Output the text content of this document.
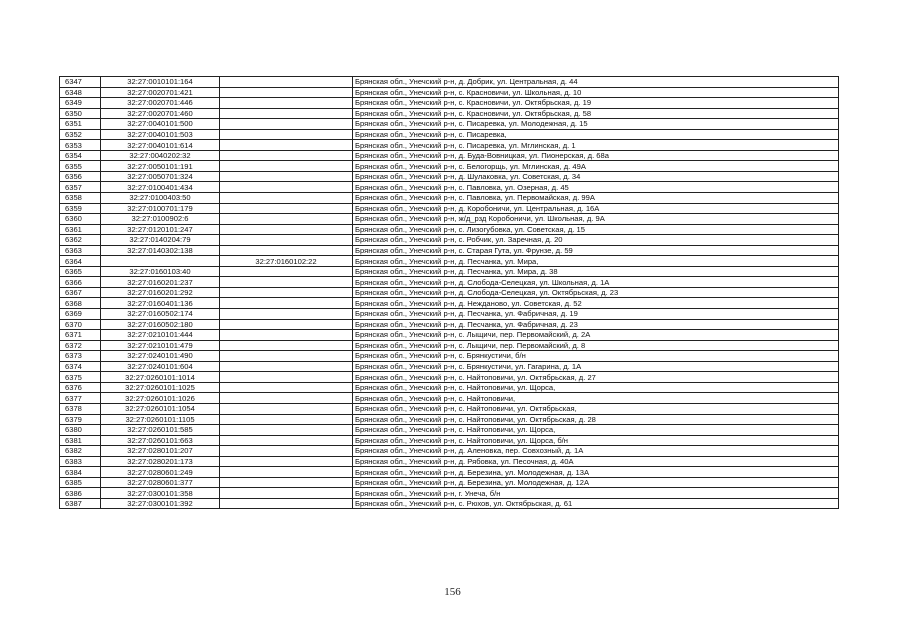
6347	32:27:0010101:164		Брянская обл., Унечский р-н, д. Добрик, ул. Центральная, д. 44
6348	32:27:0020701:421		Брянская обл., Унечский р-н, с. Красновичи, ул. Школьная, д. 10
6349	32:27:0020701:446		Брянская обл., Унечский р-н, с. Красновичи, ул. Октябрьская, д. 19
6350	32:27:0020701:460		Брянская обл., Унечский р-н, с. Красновичи, ул. Октябрьская, д. 58
6351	32:27:0040101:500		Брянская обл., Унечский р-н, с. Писаревка, ул. Молодежная, д. 15
6352	32:27:0040101:503		Брянская обл., Унечский р-н, с. Писаревка,
6353	32:27:0040101:614		Брянская обл., Унечский р-н, с. Писаревка, ул. Мглинская, д. 1
6354	32:27:0040202:32		Брянская обл., Унечский р-н, д. Буда-Вовницкая, ул. Пионерская, д. 68а
6355	32:27:0050101:191		Брянская обл., Унечский р-н, с. Белогорщь, ул. Мглинская, д. 49А
6356	32:27:0050701:324		Брянская обл., Унечский р-н, д. Шулаковка, ул. Советская, д. 34
6357	32:27:0100401:434		Брянская обл., Унечский р-н, с. Павловка, ул. Озерная, д. 45
6358	32:27:0100403:50		Брянская обл., Унечский р-н, с. Павловка, ул. Первомайская, д. 99А
6359	32:27:0100701:179		Брянская обл., Унечский р-н, д. Коробоничи, ул. Центральная, д. 16А
6360	32:27:0100902:6		Брянская обл., Унечский р-н, ж/д_рзд Коробоничи, ул. Школьная, д. 9А
6361	32:27:0120101:247		Брянская обл., Унечский р-н, с. Лизогубовка, ул. Советская, д. 15
6362	32:27:0140204:79		Брянская обл., Унечский р-н, с. Робчик, ул. Заречная, д. 20
6363	32:27:0140302:138		Брянская обл., Унечский р-н, с. Старая Гута, ул. Фрунзе, д. 59
6364		32:27:0160102:22	Брянская обл., Унечский р-н, д. Песчанка, ул. Мира,
6365	32:27:0160103:40		Брянская обл., Унечский р-н, д. Песчанка, ул. Мира, д. 38
6366	32:27:0160201:237		Брянская обл., Унечский р-н, д. Слобода-Селецкая, ул. Школьная, д. 1А
6367	32:27:0160201:292		Брянская обл., Унечский р-н, д. Слобода-Селецкая, ул. Октябрьская, д. 23
6368	32:27:0160401:136		Брянская обл., Унечский р-н, д. Нежданово, ул. Советская, д. 52
6369	32:27:0160502:174		Брянская обл., Унечский р-н, д. Песчанка, ул. Фабричная, д. 19
6370	32:27:0160502:180		Брянская обл., Унечский р-н, д. Песчанка, ул. Фабричная, д. 23
6371	32:27:0210101:444		Брянская обл., Унечский р-н, с. Лыщичи, пер. Первомайский, д. 2А
6372	32:27:0210101:479		Брянская обл., Унечский р-н, с. Лыщичи, пер. Первомайский, д. 8
6373	32:27:0240101:490		Брянская обл., Унечский р-н, с. Брянкустичи, б/н
6374	32:27:0240101:604		Брянская обл., Унечский р-н, с. Брянкустичи, ул. Гагарина, д. 1А
6375	32:27:0260101:1014		Брянская обл., Унечский р-н, с. Найтоповичи, ул. Октябрьская, д. 27
6376	32:27:0260101:1025		Брянская обл., Унечский р-н, с. Найтоповичи, ул. Щорса,
6377	32:27:0260101:1026		Брянская обл., Унечский р-н, с. Найтоповичи,
6378	32:27:0260101:1054		Брянская обл., Унечский р-н, с. Найтоповичи, ул. Октябрьская,
6379	32:27:0260101:1105		Брянская обл., Унечский р-н, с. Найтоповичи, ул. Октябрьская, д. 28
6380	32:27:0260101:585		Брянская обл., Унечский р-н, с. Найтоповичи, ул. Щорса,
6381	32:27:0260101:663		Брянская обл., Унечский р-н, с. Найтоповичи, ул. Щорса, б/н
6382	32:27:0280101:207		Брянская обл., Унечский р-н, д. Аленовка, пер. Совхозный, д. 1А
6383	32:27:0280201:173		Брянская обл., Унечский р-н, д. Рябовка, ул. Песочная, д. 40А
6384	32:27:0280601:249		Брянская обл., Унечский р-н, д. Березина, ул. Молодежная, д. 13А
6385	32:27:0280601:377		Брянская обл., Унечский р-н, д. Березина, ул. Молодежная, д. 12А
6386	32:27:0300101:358		Брянская обл., Унечский р-н, г. Унеча, б/н
6387	32:27:0300101:392		Брянская обл., Унечский р-н, с. Рюхов, ул. Октябрьская, д. 61
156
